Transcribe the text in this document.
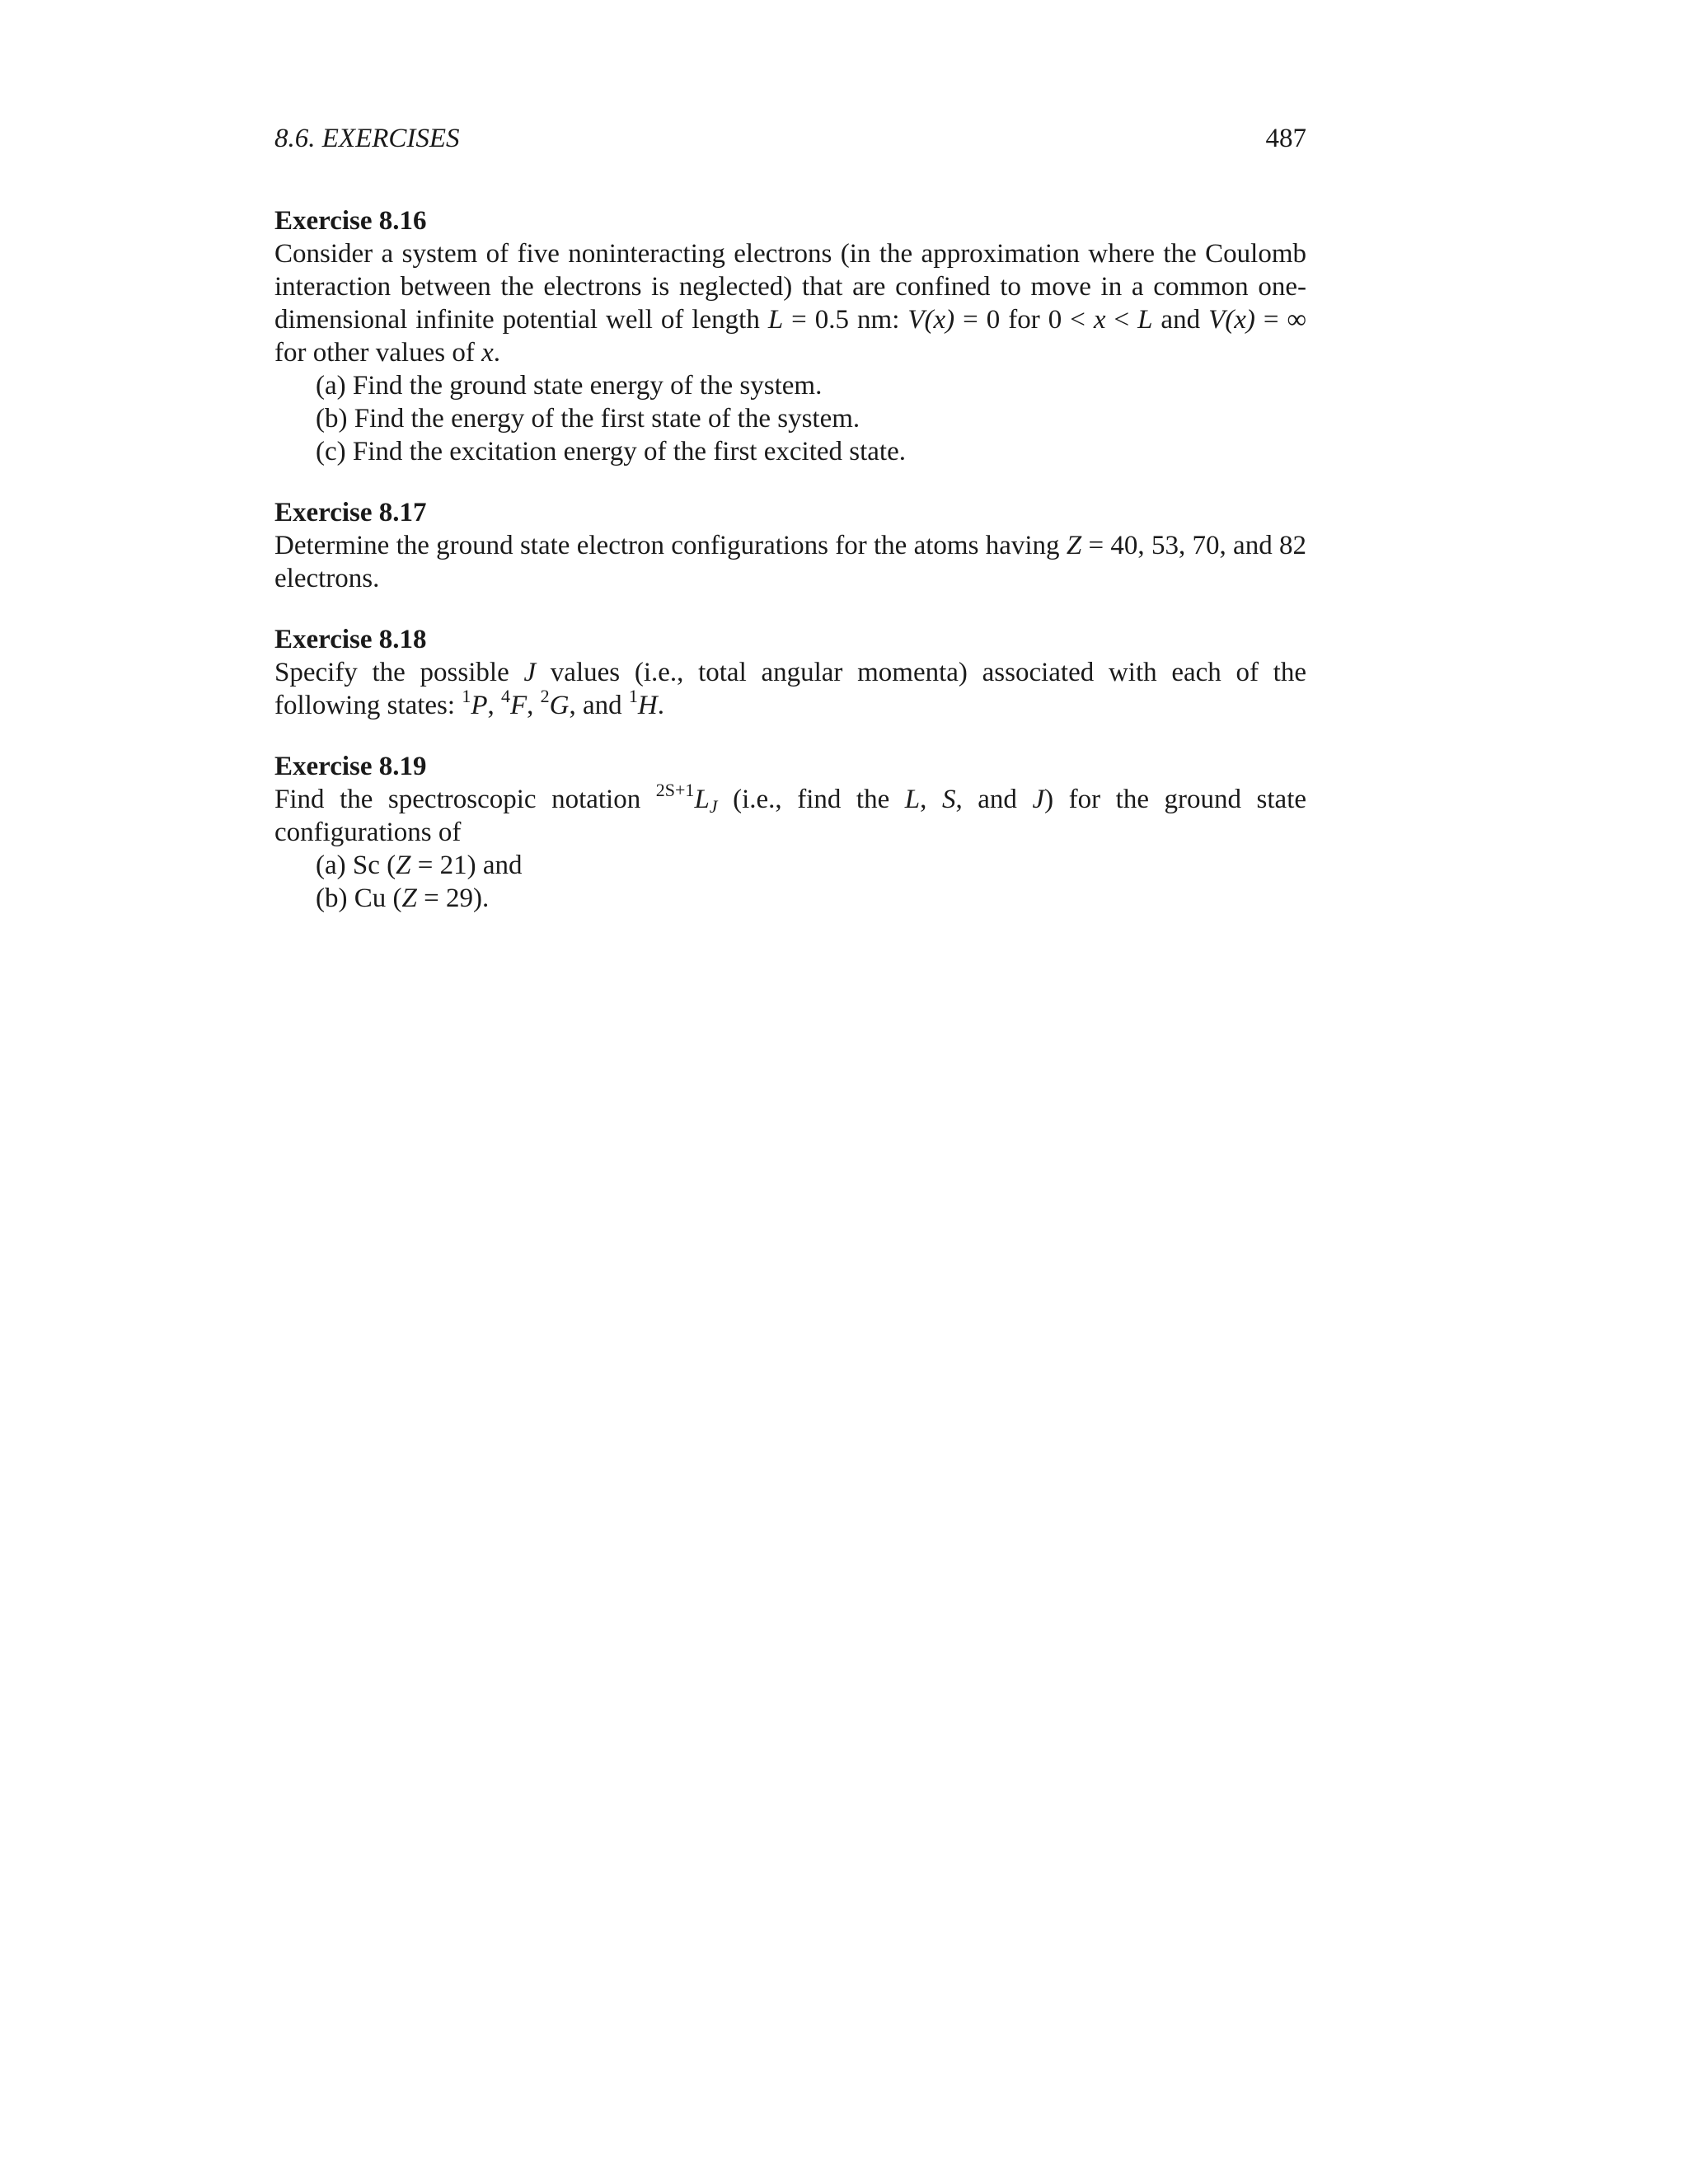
8.6. EXERCISES	487
Exercise 8.16
Consider a system of five noninteracting electrons (in the approximation where the Coulomb interaction between the electrons is neglected) that are confined to move in a common one-dimensional infinite potential well of length L = 0.5 nm: V(x) = 0 for 0 < x < L and V(x) = ∞ for other values of x.
(a) Find the ground state energy of the system.
(b) Find the energy of the first state of the system.
(c) Find the excitation energy of the first excited state.
Exercise 8.17
Determine the ground state electron configurations for the atoms having Z = 40, 53, 70, and 82 electrons.
Exercise 8.18
Specify the possible J values (i.e., total angular momenta) associated with each of the following states: $^1$P, $^4$F, $^2$G, and $^1$H.
Exercise 8.19
Find the spectroscopic notation $^{2S+1}L_J$ (i.e., find the L, S, and J) for the ground state configurations of
(a) Sc (Z = 21) and
(b) Cu (Z = 29).
